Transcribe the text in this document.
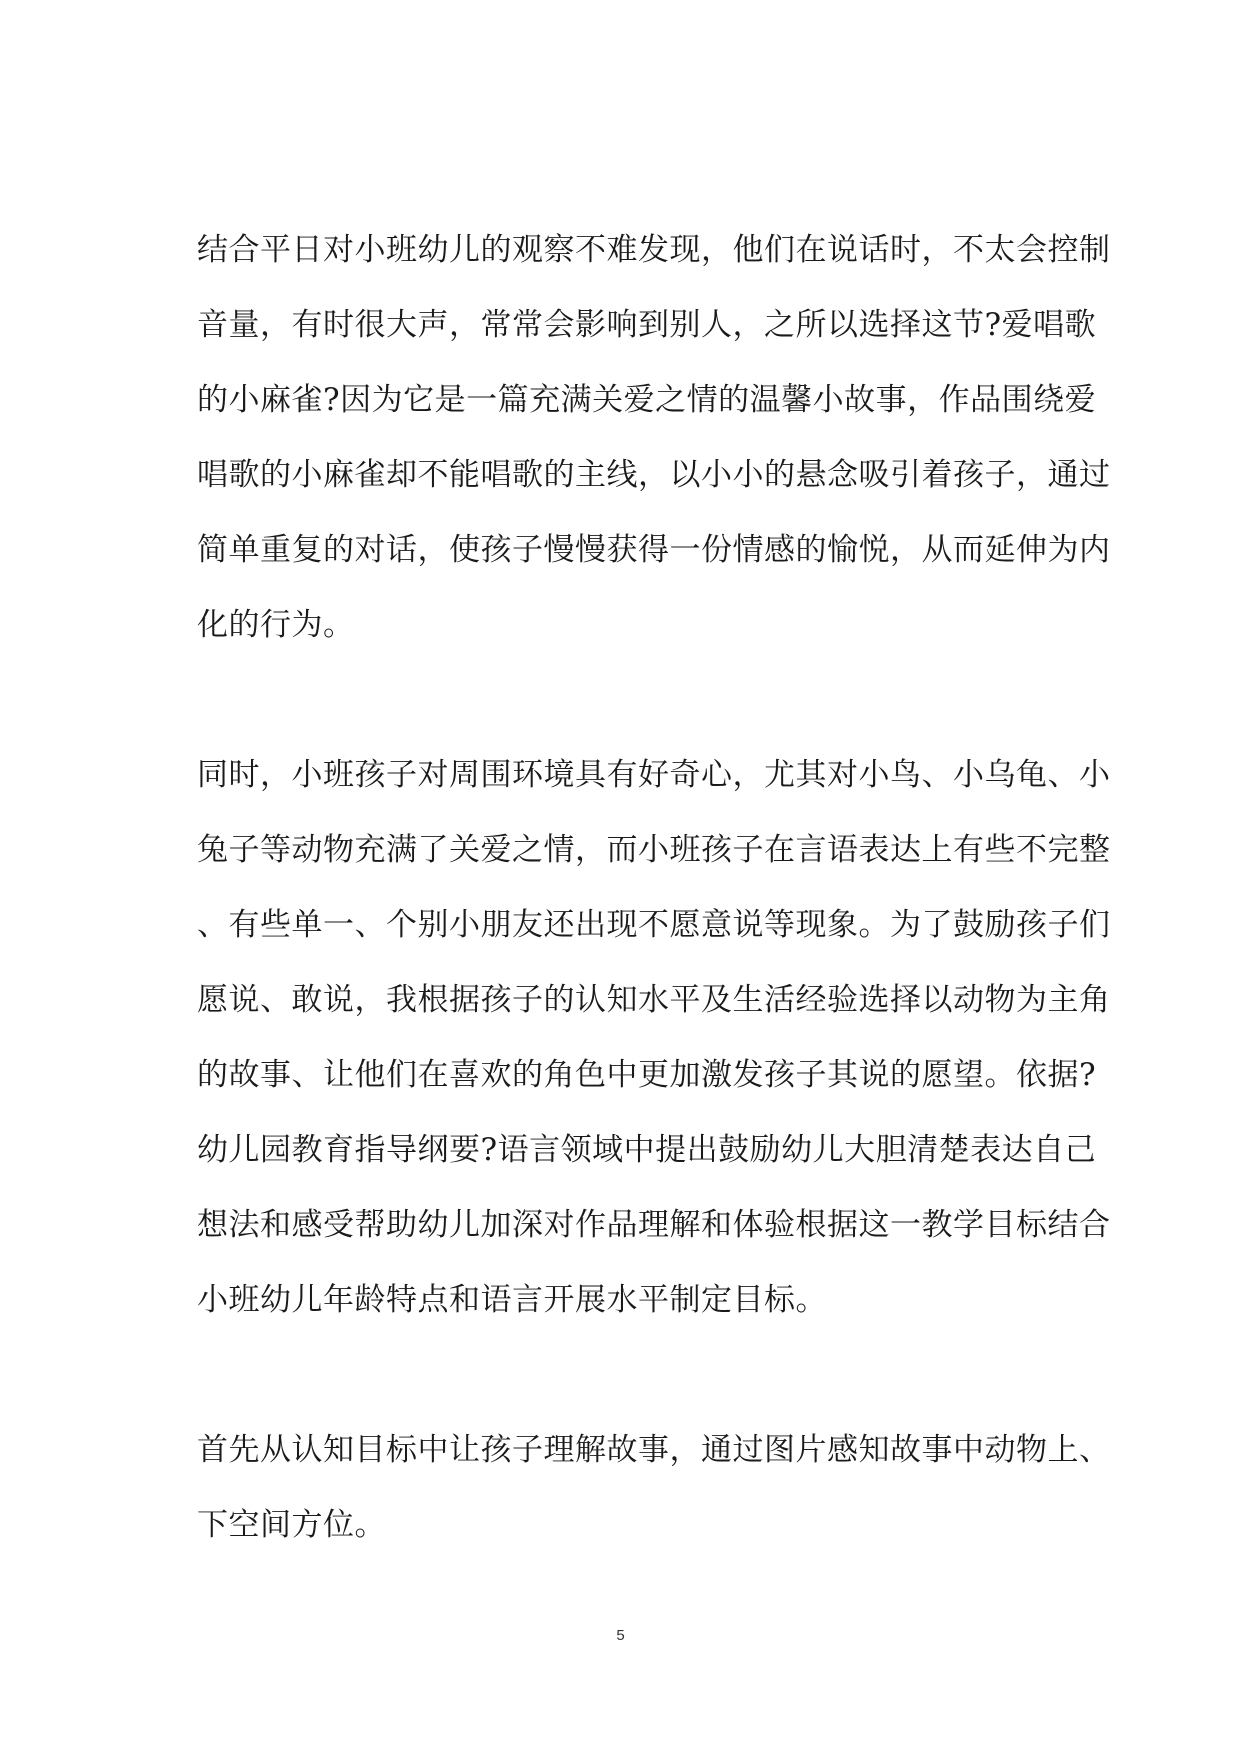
结合平日对小班幼儿的观察不难发现，他们在说话时，不太会控制
音量，有时很大声，常常会影响到别人，之所以选择这节?爱唱歌
的小麻雀?因为它是一篇充满关爱之情的温馨小故事，作品围绕爱
唱歌的小麻雀却不能唱歌的主线，以小小的悬念吸引着孩子，通过
简单重复的对话，使孩子慢慢获得一份情感的愉悦，从而延伸为内
化的行为。
同时，小班孩子对周围环境具有好奇心，尤其对小鸟、小乌龟、小
兔子等动物充满了关爱之情，而小班孩子在言语表达上有些不完整
、有些单一、个别小朋友还出现不愿意说等现象。为了鼓励孩子们
愿说、敢说，我根据孩子的认知水平及生活经验选择以动物为主角
的故事、让他们在喜欢的角色中更加激发孩子其说的愿望。依据?
幼儿园教育指导纲要?语言领域中提出鼓励幼儿大胆清楚表达自己
想法和感受帮助幼儿加深对作品理解和体验根据这一教学目标结合
小班幼儿年龄特点和语言开展水平制定目标。
首先从认知目标中让孩子理解故事，通过图片感知故事中动物上、
下空间方位。
5
